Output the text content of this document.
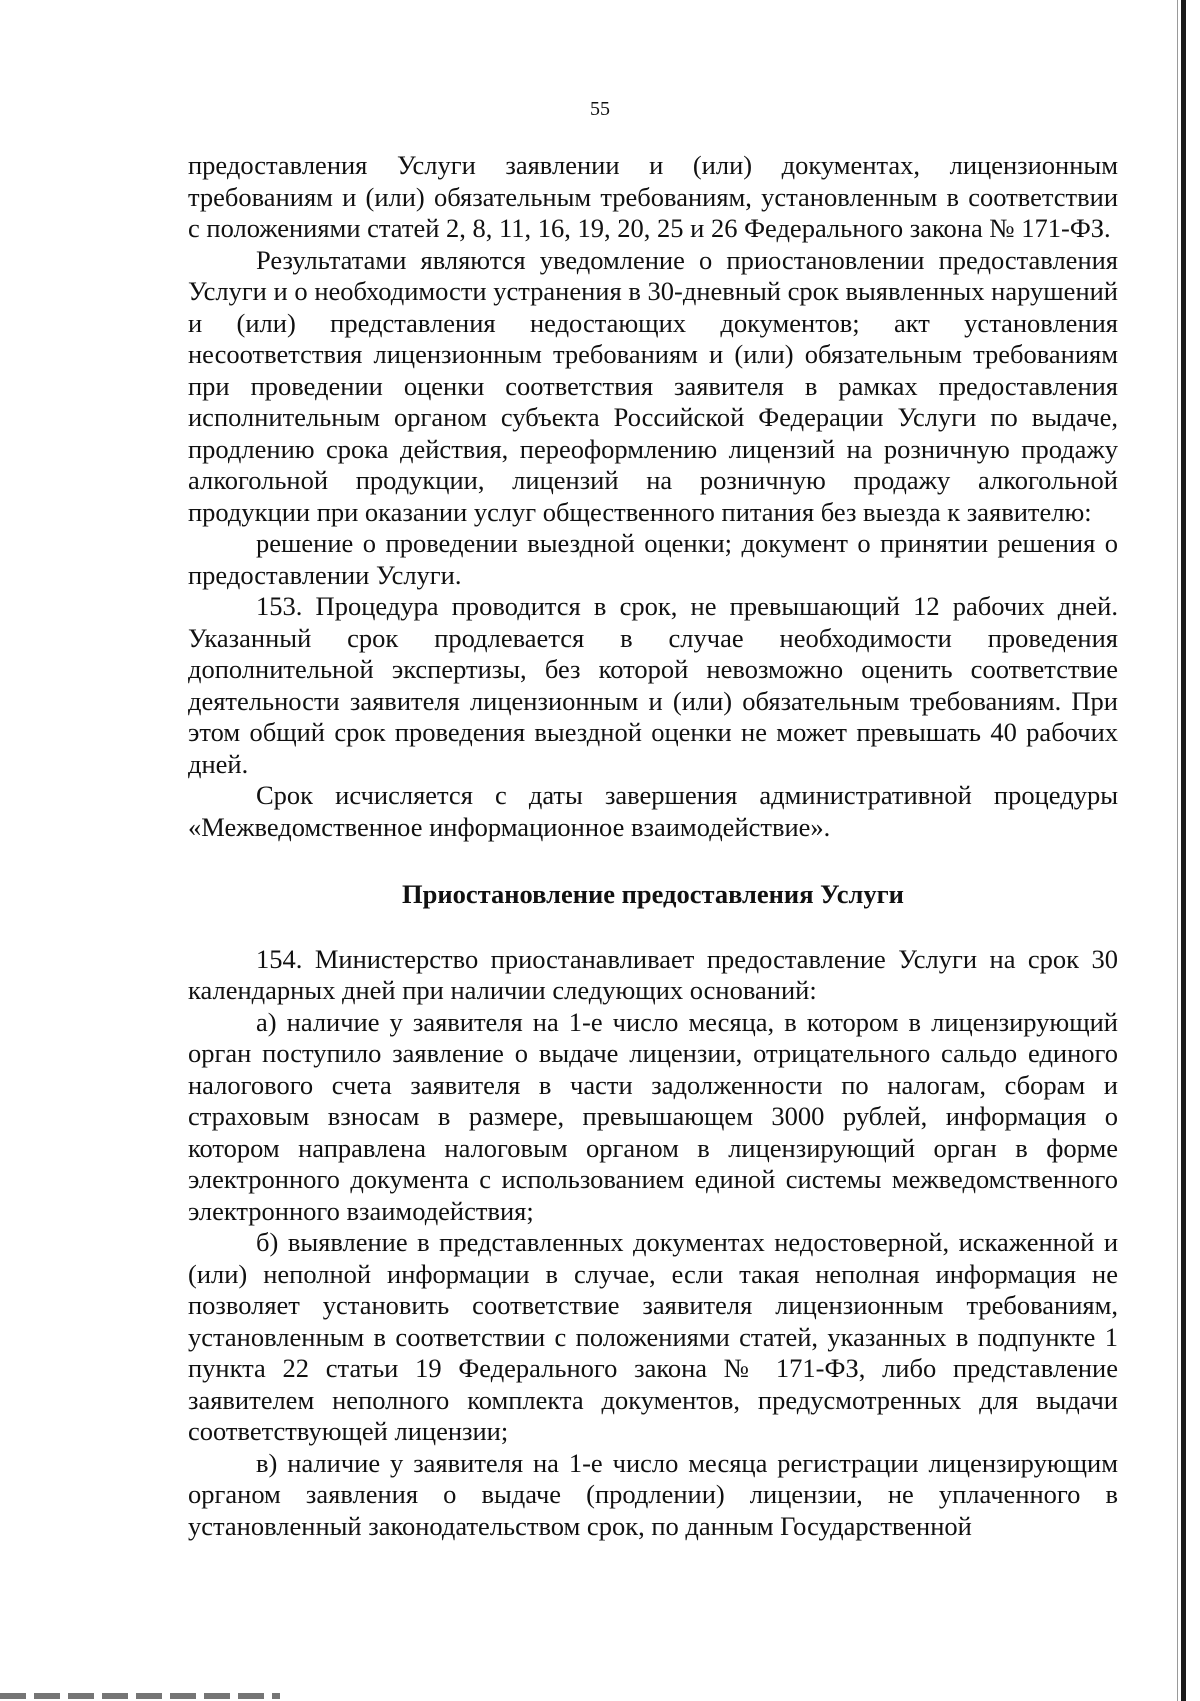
55

предоставления Услуги заявлении и (или) документах, лицензионным требованиям и (или) обязательным требованиям, установленным в соответствии с положениями статей 2, 8, 11, 16, 19, 20, 25 и 26 Федерального закона № 171-ФЗ.

Результатами являются уведомление о приостановлении предоставления Услуги и о необходимости устранения в 30-дневный срок выявленных нарушений и (или) представления недостающих документов; акт установления несоответствия лицензионным требованиям и (или) обязательным требованиям при проведении оценки соответствия заявителя в рамках предоставления исполнительным органом субъекта Российской Федерации Услуги по выдаче, продлению срока действия, переоформлению лицензий на розничную продажу алкогольной продукции, лицензий на розничную продажу алкогольной продукции при оказании услуг общественного питания без выезда к заявителю:

решение о проведении выездной оценки; документ о принятии решения о предоставлении Услуги.

153. Процедура проводится в срок, не превышающий 12 рабочих дней. Указанный срок продлевается в случае необходимости проведения дополнительной экспертизы, без которой невозможно оценить соответствие деятельности заявителя лицензионным и (или) обязательным требованиям. При этом общий срок проведения выездной оценки не может превышать 40 рабочих дней.

Срок исчисляется с даты завершения административной процедуры «Межведомственное информационное взаимодействие».

Приостановление предоставления Услуги

154. Министерство приостанавливает предоставление Услуги на срок 30 календарных дней при наличии следующих оснований:

а) наличие у заявителя на 1-е число месяца, в котором в лицензирующий орган поступило заявление о выдаче лицензии, отрицательного сальдо единого налогового счета заявителя в части задолженности по налогам, сборам и страховым взносам в размере, превышающем 3000 рублей, информация о котором направлена налоговым органом в лицензирующий орган в форме электронного документа с использованием единой системы межведомственного электронного взаимодействия;

б) выявление в представленных документах недостоверной, искаженной и (или) неполной информации в случае, если такая неполная информация не позволяет установить соответствие заявителя лицензионным требованиям, установленным в соответствии с положениями статей, указанных в подпункте 1 пункта 22 статьи 19 Федерального закона № 171-ФЗ, либо представление заявителем неполного комплекта документов, предусмотренных для выдачи соответствующей лицензии;

в) наличие у заявителя на 1-е число месяца регистрации лицензирующим органом заявления о выдаче (продлении) лицензии, не уплаченного в установленный законодательством срок, по данным Государственной
